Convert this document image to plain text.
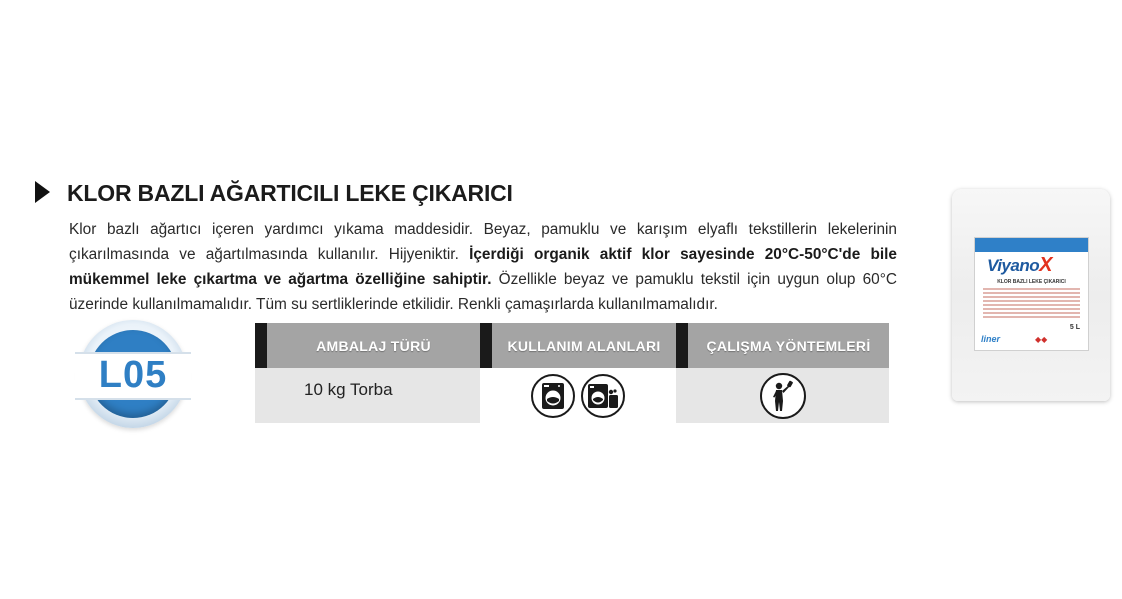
KLOR BAZLI AĞARTICILI LEKE ÇIKARICI

Klor bazlı ağartıcı içeren yardımcı yıkama maddesidir. Beyaz, pamuklu ve karışım elyaflı tekstillerin lekelerinin çıkarılmasında ve ağartılmasında kullanılır. Hijyeniktir. İçerdiği organik aktif klor sayesinde 20°C-50°C'de bile mükemmel leke çıkartma ve ağartma özelliğine sahiptir. Özellikle beyaz ve pamuklu tekstil için uygun olup 60°C üzerinde kullanılmamalıdır. Tüm su sertliklerinde etkilidir. Renkli çamaşırlarda kullanılmamalıdır.

L05
AMBALAJ TÜRÜ	KULLANIM ALANLARI	ÇALIŞMA YÖNTEMLERİ
10 kg Torba
ViyanoX
KLOR BAZLI LEKE ÇIKARICI
5 L
liner	◆◆
